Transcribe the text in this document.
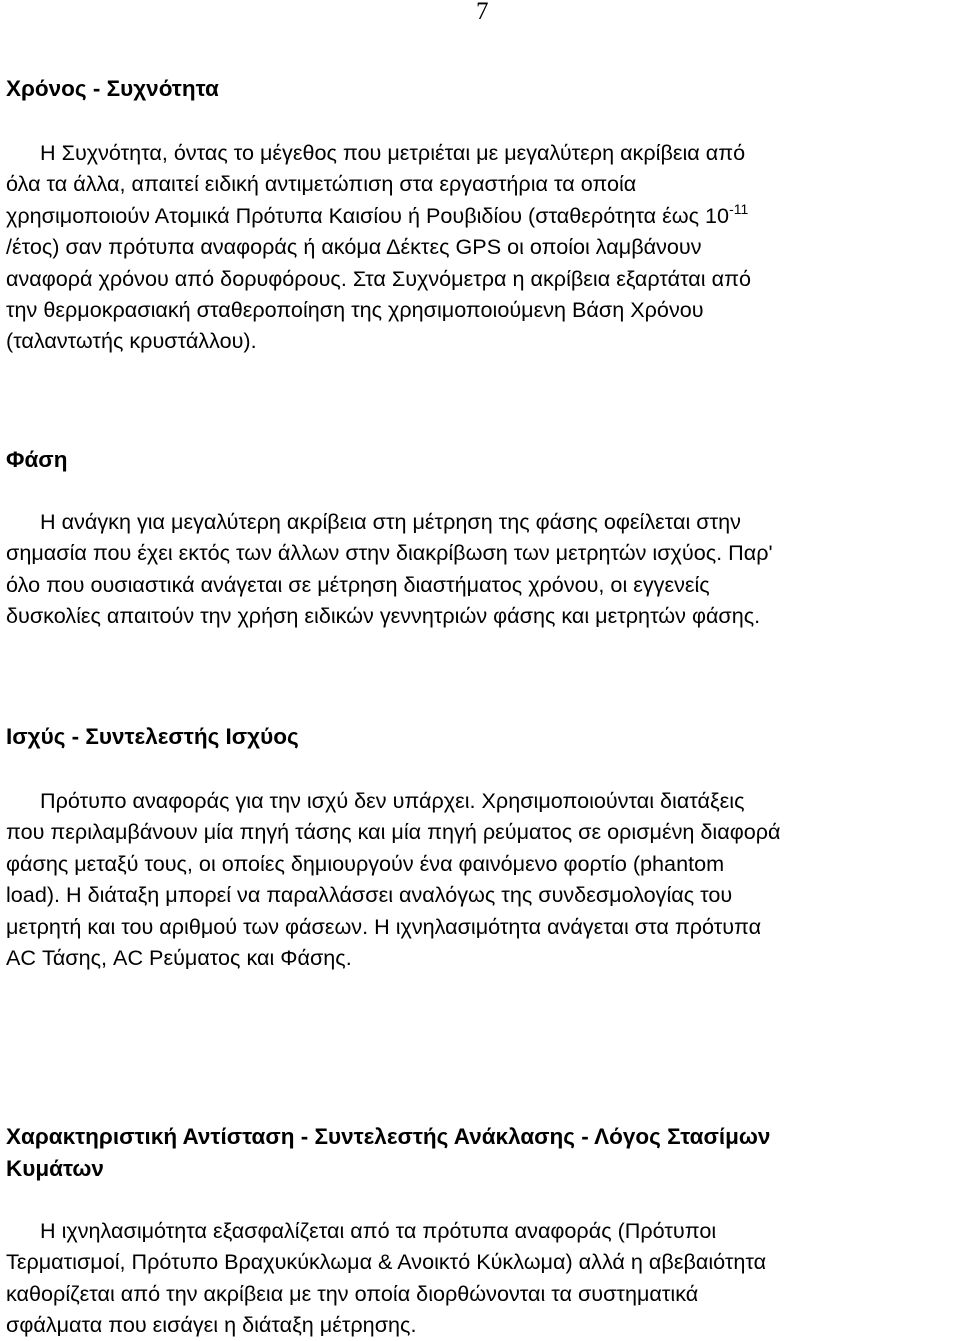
7
Χρόνος - Συχνότητα
Η Συχνότητα, όντας το μέγεθος που μετριέται με μεγαλύτερη ακρίβεια από
όλα τα άλλα, απαιτεί ειδική αντιμετώπιση στα εργαστήρια τα οποία
χρησιμοποιούν Ατομικά Πρότυπα Καισίου ή Ρουβιδίου (σταθερότητα έως $10^{-11}$
/έτος) σαν πρότυπα αναφοράς ή ακόμα Δέκτες GPS οι οποίοι λαμβάνουν
αναφορά χρόνου από δορυφόρους. Στα Συχνόμετρα η ακρίβεια εξαρτάται από
την θερμοκρασιακή σταθεροποίηση της χρησιμοποιούμενη Βάση Χρόνου
(ταλαντωτής κρυστάλλου).
Φάση
Η ανάγκη για μεγαλύτερη ακρίβεια στη μέτρηση της φάσης οφείλεται στην
σημασία που έχει εκτός των άλλων στην διακρίβωση των μετρητών ισχύος. Παρ'
όλο που ουσιαστικά ανάγεται σε μέτρηση διαστήματος χρόνου, οι εγγενείς
δυσκολίες απαιτούν την χρήση ειδικών γεννητριών φάσης και μετρητών φάσης.
Ισχύς - Συντελεστής Ισχύος
Πρότυπο αναφοράς για την ισχύ δεν υπάρχει. Χρησιμοποιούνται διατάξεις
που περιλαμβάνουν μία πηγή τάσης και μία πηγή ρεύματος σε ορισμένη διαφορά
φάσης μεταξύ τους, οι οποίες δημιουργούν ένα φαινόμενο φορτίο (phantom
load). Η διάταξη μπορεί να παραλλάσσει αναλόγως της συνδεσμολογίας του
μετρητή και του αριθμού των φάσεων. Η ιχνηλασιμότητα ανάγεται στα πρότυπα
AC Τάσης, AC Ρεύματος και Φάσης.
Χαρακτηριστική Αντίσταση - Συντελεστής Ανάκλασης - Λόγος Στασίμων
Κυμάτων
Η ιχνηλασιμότητα εξασφαλίζεται από τα πρότυπα αναφοράς (Πρότυποι
Τερματισμοί, Πρότυπο Βραχυκύκλωμα & Ανοικτό Κύκλωμα) αλλά η αβεβαιότητα
καθορίζεται από την ακρίβεια με την οποία διορθώνονται τα συστηματικά
σφάλματα που εισάγει η διάταξη μέτρησης.
